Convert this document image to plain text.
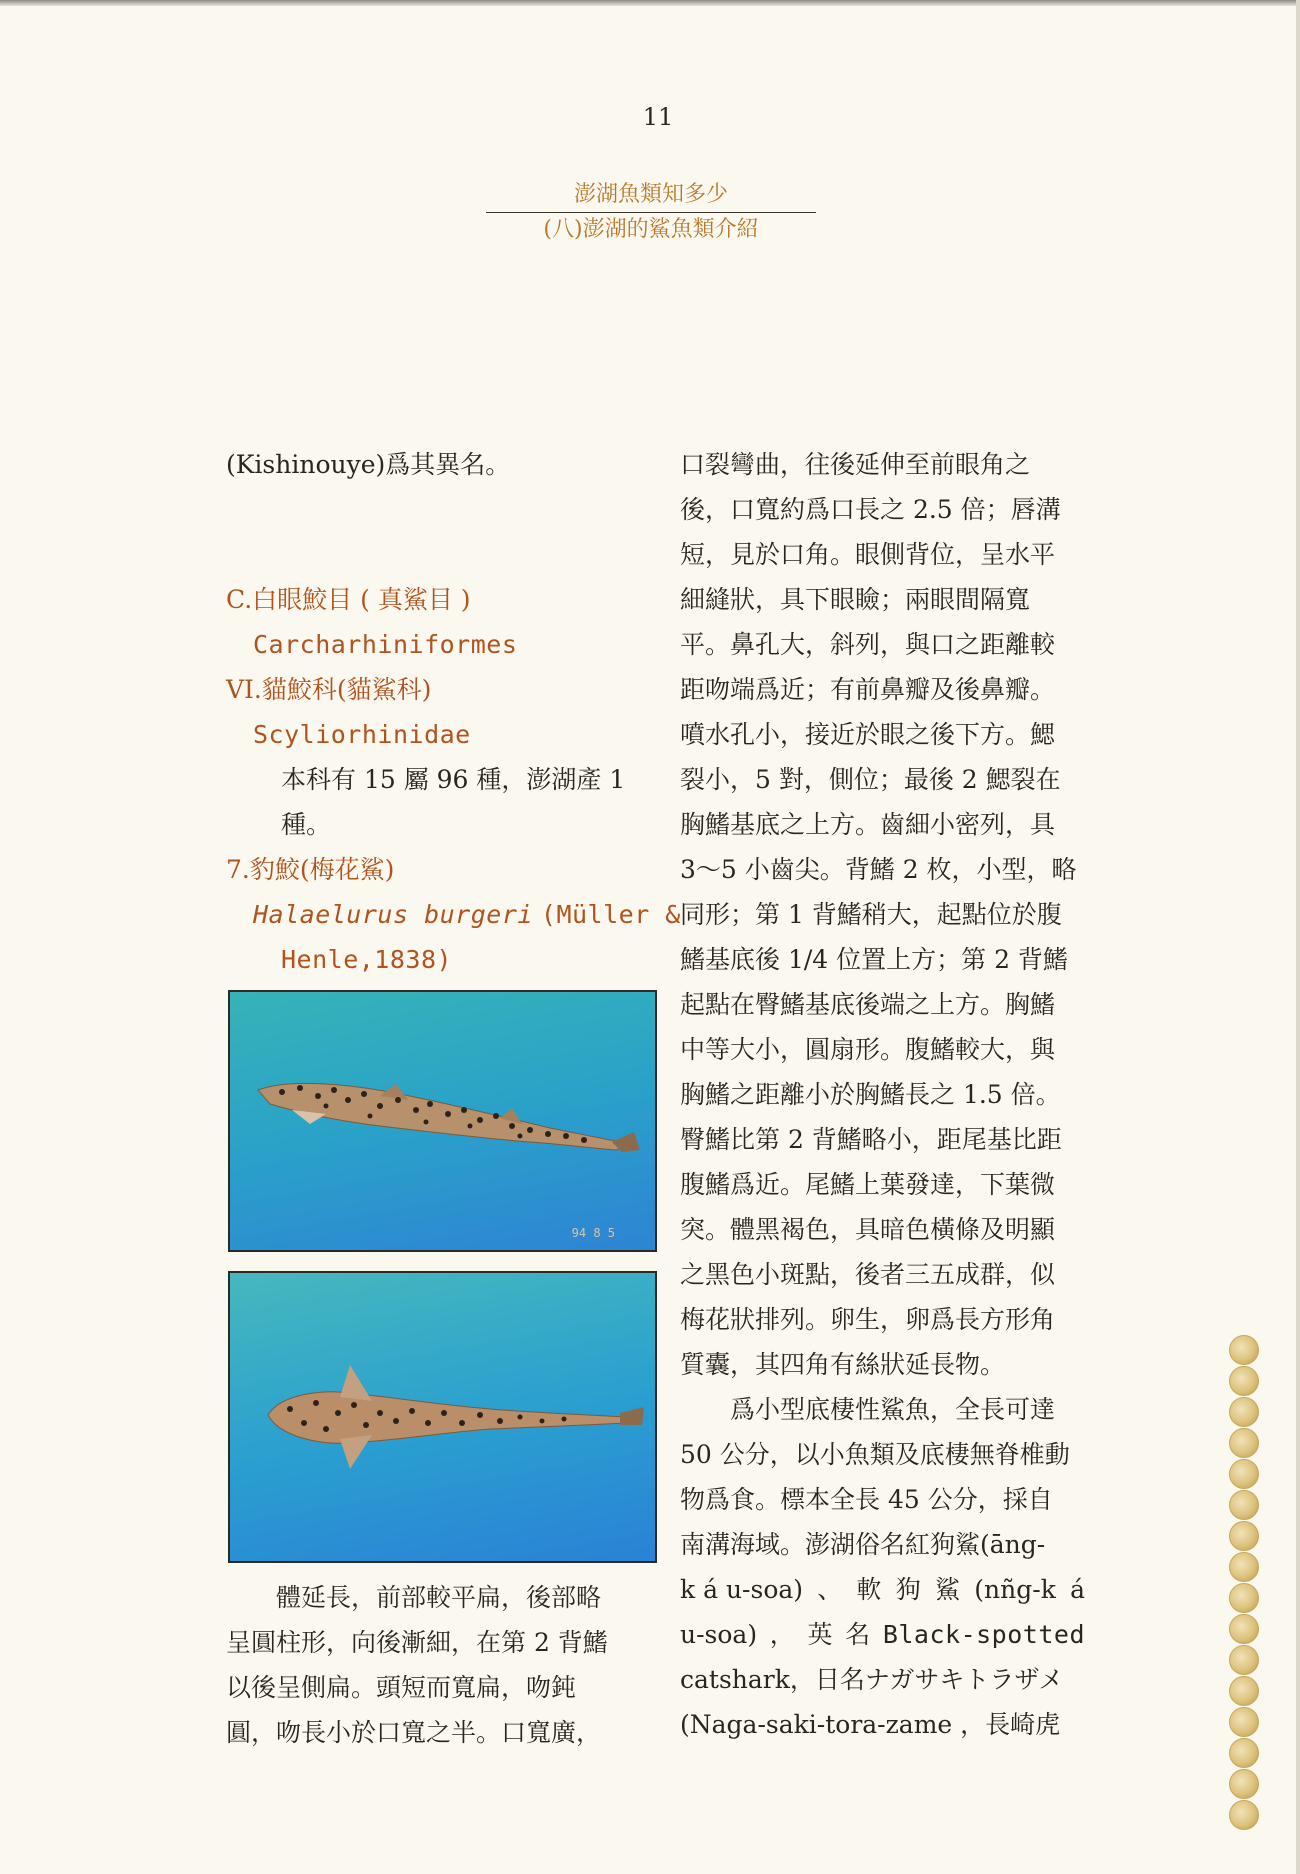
11
澎湖魚類知多少
(八)澎湖的鯊魚類介紹
(Kishinouye)爲其異名。
C.白眼鮫目 ( 真鯊目 )
Carcharhiniformes
VI.貓鮫科(貓鯊科)
Scyliorhinidae
本科有 15 屬 96 種，澎湖產 1
種。
7.豹鮫(梅花鯊)
Halaelurus burgeri (Müller &
Henle,1838)
94 8 5
體延長，前部較平扁，後部略
呈圓柱形，向後漸細，在第 2 背鰭
以後呈側扁。頭短而寬扁，吻鈍
圓，吻長小於口寬之半。口寬廣，
口裂彎曲，往後延伸至前眼角之
後，口寬約爲口長之 2.5 倍；唇溝
短，見於口角。眼側背位，呈水平
細縫狀，具下眼瞼；兩眼間隔寬
平。鼻孔大，斜列，與口之距離較
距吻端爲近；有前鼻瓣及後鼻瓣。
噴水孔小，接近於眼之後下方。鰓
裂小，5 對，側位；最後 2 鰓裂在
胸鰭基底之上方。齒細小密列，具
3～5 小齒尖。背鰭 2 枚，小型，略
同形；第 1 背鰭稍大，起點位於腹
鰭基底後 1/4 位置上方；第 2 背鰭
起點在臀鰭基底後端之上方。胸鰭
中等大小，圓扇形。腹鰭較大，與
胸鰭之距離小於胸鰭長之 1.5 倍。
臀鰭比第 2 背鰭略小，距尾基比距
腹鰭爲近。尾鰭上葉發達，下葉微
突。體黑褐色，具暗色橫條及明顯
之黑色小斑點，後者三五成群，似
梅花狀排列。卵生，卵爲長方形角
質囊，其四角有絲狀延長物。
爲小型底棲性鯊魚，全長可達
50 公分，以小魚類及底棲無脊椎動
物爲食。標本全長 45 公分，採自
南溝海域。澎湖俗名紅狗鯊(āng-
k á u-soa) 、 軟 狗 鯊 (nñg-k á
u-soa) ， 英 名 Black-spotted
catshark，日名ナガサキトラザメ
(Naga-saki-tora-zame ，長崎虎
